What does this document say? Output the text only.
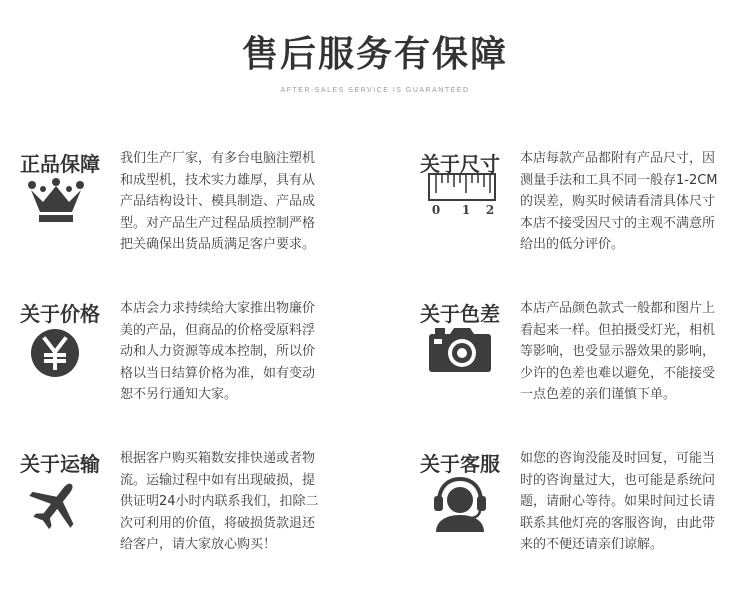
售后服务有保障
AFTER-SALES SERVICE IS GUARANTEED
正品保障	我们生产厂家，有多台电脑注塑机
和成型机，技术实力雄厚，具有从
产品结构设计、模具制造、产品成
型。对产品生产过程品质控制严格
把关确保出货品质满足客户要求。
关于尺寸
0 1 2
本店每款产品都附有产品尺寸，因
测量手法和工具不同一般存1-2CM
的误差，购买时候请看清具体尺寸
本店不接受因尺寸的主观不满意所
给出的低分评价。
关于价格	本店会力求持续给大家推出物廉价
美的产品，但商品的价格受原料浮
动和人力资源等成本控制，所以价
格以当日结算价格为准，如有变动
恕不另行通知大家。
关于色差	本店产品颜色款式一般都和图片上
看起来一样。但拍摄受灯光，相机
等影响，也受显示器效果的影响，
少许的色差也难以避免，不能接受
一点色差的亲们谨慎下单。
关于运输	根据客户购买箱数安排快递或者物
流。运输过程中如有出现破损，提
供证明24小时内联系我们，扣除二
次可利用的价值，将破损货款退还
给客户，请大家放心购买！
关于客服	如您的咨询没能及时回复，可能当
时的咨询量过大，也可能是系统问
题，请耐心等待。如果时间过长请
联系其他灯亮的客服咨询，由此带
来的不便还请亲们谅解。
